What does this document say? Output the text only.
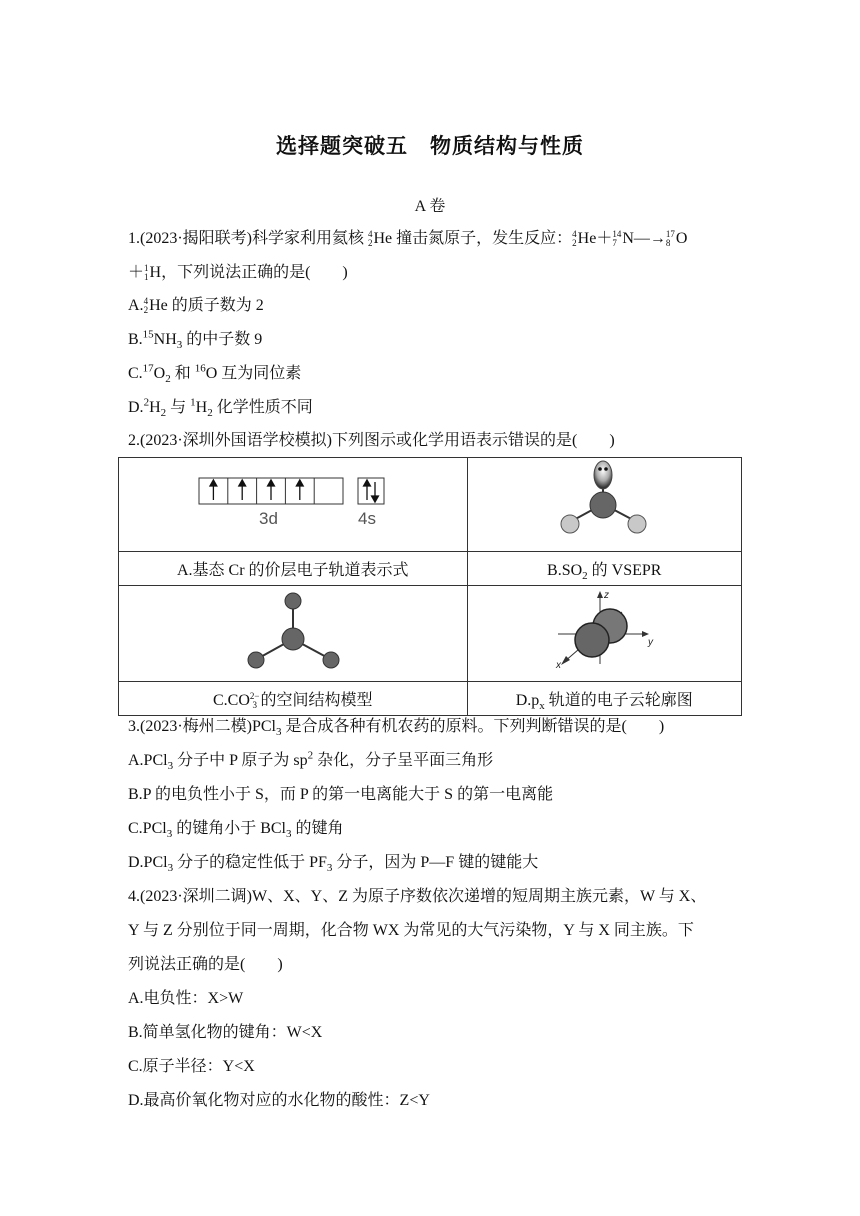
选择题突破五　物质结构与性质
A 卷
1.(2023·揭阳联考)科学家利用氦核 4
2 He 撞击氮原子，发生反应： 4
2 He＋ 14
7 N―→ 17
8 O
＋ 1
1 H，下列说法正确的是(　　)
A. 4
2 He 的质子数为 2
$B.^{15}NH_3$ 的中子数 9
$C.^{17}O_2$ 和 $^{16}$O 互为同位素
$D.^2H_2$ 与 $^1H_2$ 化学性质不同
2.(2023·深圳外国语学校模拟)下列图示或化学用语表示错误的是(　　)
3d 4s

A.基态 Cr 的价层电子轨道表示式	$B.SO_2$ 的 VSEPR

z
y
x

C.CO 2−
3 的空间结构模型	$D.p_x$ 轨道的电子云轮廓图
3.(2023·梅州二模)PCl$_3$ 是合成各种有机农药的原料。下列判断错误的是(　　)
A.PCl$_3$ 分子中 P 原子为 $sp^2$ 杂化，分子呈平面三角形
B.P 的电负性小于 S，而 P 的第一电离能大于 S 的第一电离能
C.PCl$_3$ 的键角小于 BCl$_3$ 的键角
D.PCl$_3$ 分子的稳定性低于 $PF_3$ 分子，因为 P—F 键的键能大
4.(2023·深圳二调)W、X、Y、Z 为原子序数依次递增的短周期主族元素，W 与 X、
Y 与 Z 分别位于同一周期，化合物 WX 为常见的大气污染物，Y 与 X 同主族。下
列说法正确的是(　　)
A.电负性：X>W
B.简单氢化物的键角：W<X
C.原子半径：Y<X
D.最高价氧化物对应的水化物的酸性：Z<Y
